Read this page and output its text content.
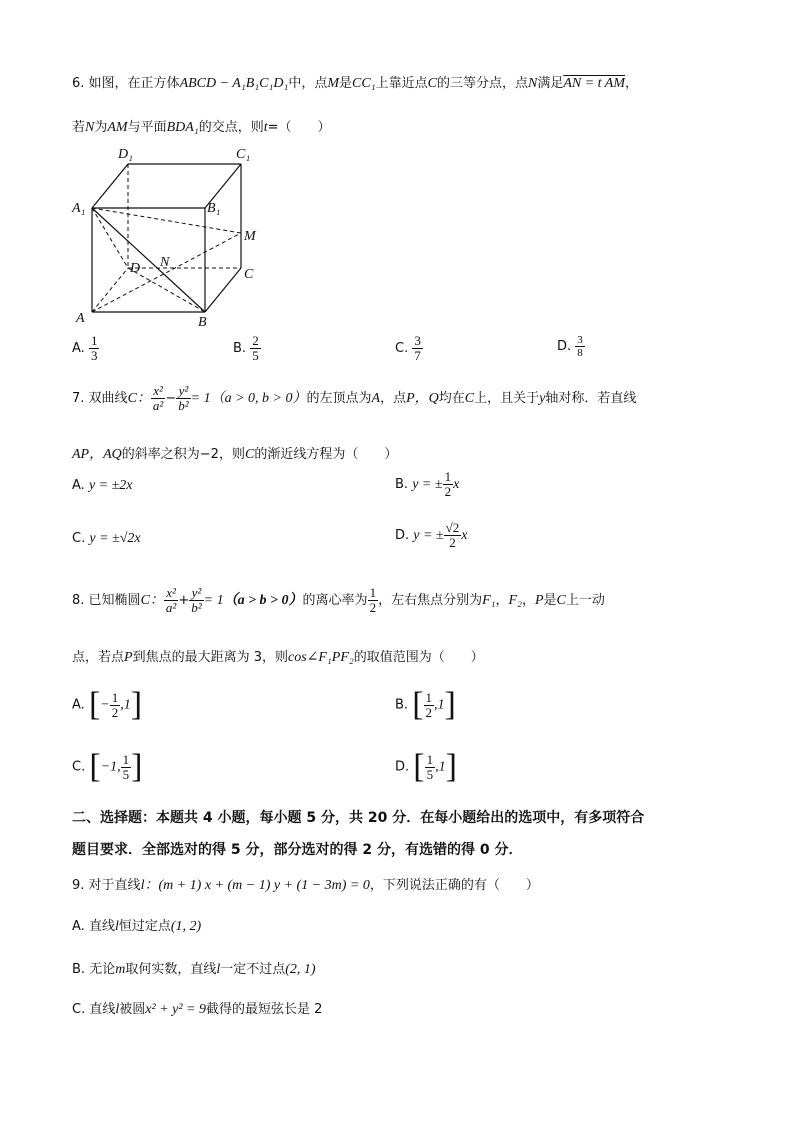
6. 如图，在正方体ABCD − A₁B₁C₁D₁中，点M是CC₁上靠近点C的三等分点，点N满足AN = t AM，
若N为AM与平面BDA₁的交点，则t=（　　）
D₁	C₁
A₁	B₁
M
D N
C
A	B
A. $\frac{1}{3}$	B. $\frac{2}{5}$	C. $\frac{3}{7}$	D. $\frac{3}{8}$
7. 双曲线C： $\frac{\text{x²}}{\text{a²}} - \frac{\text{y²}}{\text{b²}} = 1(a > 0$, b > 0）的左顶点为A，点P，Q均在C上，且关于y轴对称．若直线
AP，AQ的斜率之积为−2，则C的渐近线方程为（　　）
A. y = ±2x	B. y = ± $\frac{1}{2}$ x
C. y = ±√2x	D. y = ± $\frac{√2}{2}$ x
8. 已知椭圆C： $\frac{\text{x²}}{\text{a²}} + \frac{\text{y²}}{\text{b²}} = 1(a > b > 0)$的离心率为 $\frac{1}{2}$ ，左右焦点分别为F₁，F₂，P是C上一动
点，若点P到焦点的最大距离为 3，则cos∠F₁PF₂的取值范围为（　　）
A. [− $\frac{1}{2} ,1$]	B. [ $\frac{1}{2} ,1$]
C. [−1, $\frac{1}{5}$ ]	D. [ $\frac{1}{5} ,1$]
二、选择题：本题共 4 小题，每小题 5 分，共 20 分．在每小题给出的选项中，有多项符合
题目要求．全部选对的得 5 分，部分选对的得 2 分，有选错的得 0 分．
9. 对于直线l：(m + 1) x + (m − 1) y + (1 − 3m) = 0，下列说法正确的有（　　）
A. 直线l恒过定点(1, 2)
B. 无论m取何实数，直线l一定不过点(2, 1)
C. 直线l被圆x² + y² = 9截得的最短弦长是 2
